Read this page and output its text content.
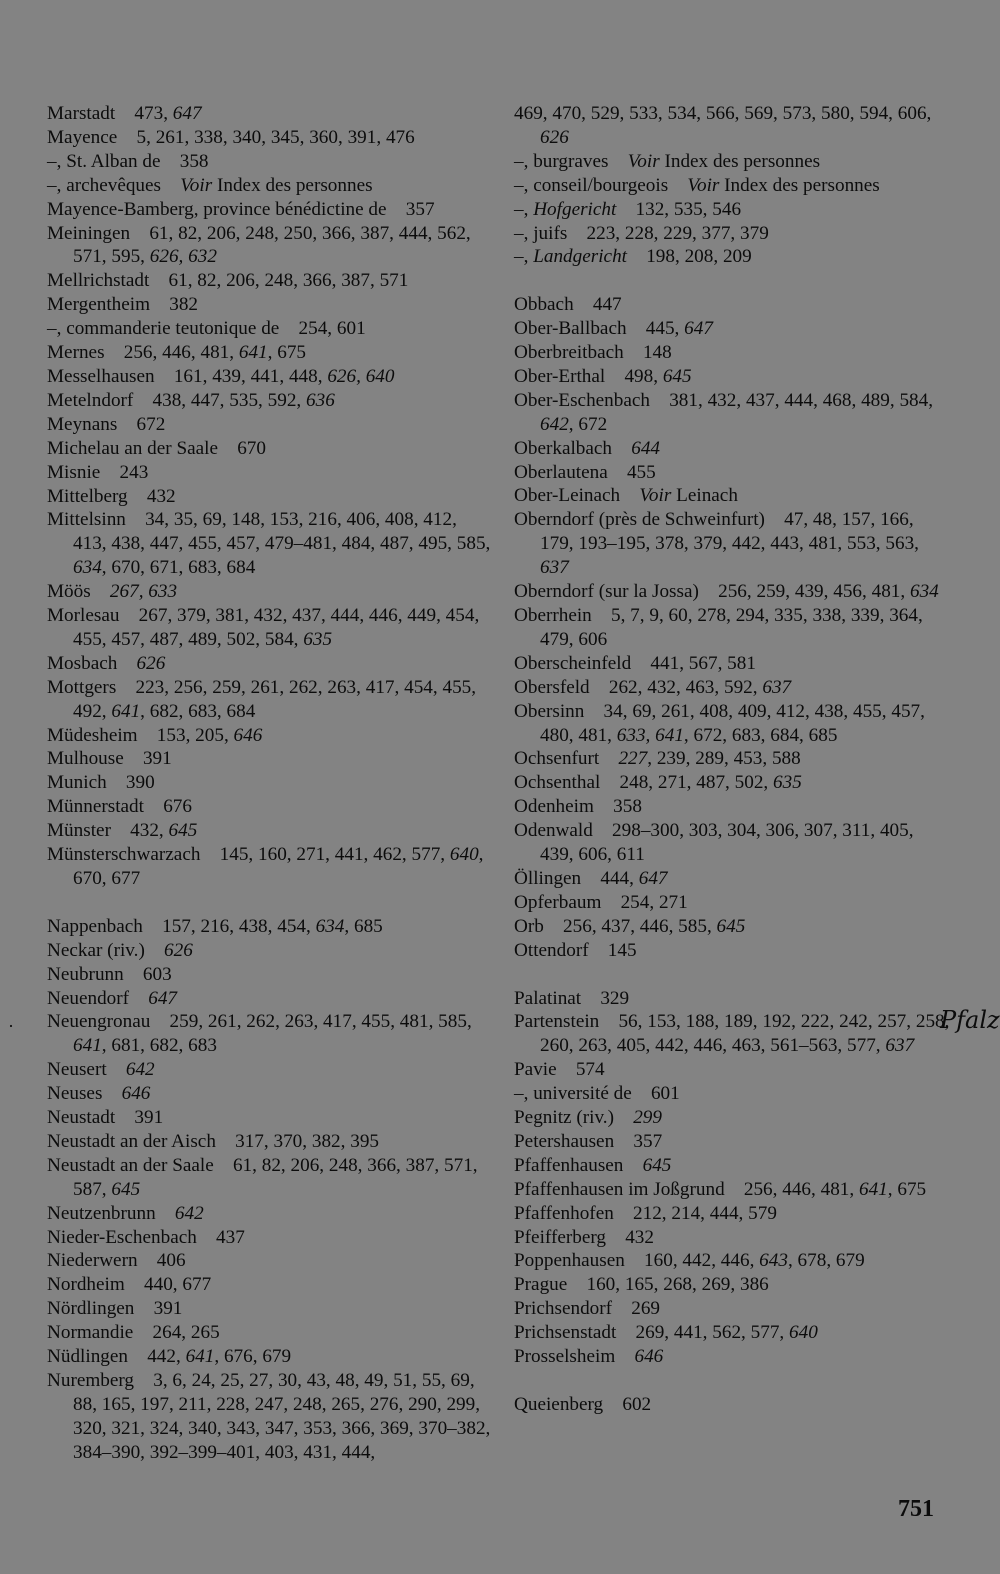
Marstadt   473, 647
Mayence   5, 261, 338, 340, 345, 360, 391, 476
–, St. Alban de   358
–, archevêques   Voir Index des personnes
Mayence-Bamberg, province bénédictine de   357
Meiningen   61, 82, 206, 248, 250, 366, 387, 444, 562, 571, 595, 626, 632
Mellrichstadt   61, 82, 206, 248, 366, 387, 571
Mergentheim   382
–, commanderie teutonique de   254, 601
Mernes   256, 446, 481, 641, 675
Messelhausen   161, 439, 441, 448, 626, 640
Metelndorf   438, 447, 535, 592, 636
Meynans   672
Michelau an der Saale   670
Misnie   243
Mittelberg   432
Mittelsinn   34, 35, 69, 148, 153, 216, 406, 408, 412, 413, 438, 447, 455, 457, 479–481, 484, 487, 495, 585, 634, 670, 671, 683, 684
Möös   267, 633
Morlesau   267, 379, 381, 432, 437, 444, 446, 449, 454, 455, 457, 487, 489, 502, 584, 635
Mosbach   626
Mottgers   223, 256, 259, 261, 262, 263, 417, 454, 455, 492, 641, 682, 683, 684
Müdesheim   153, 205, 646
Mulhouse   391
Munich   390
Münnerstadt   676
Münster   432, 645
Münsterschwarzach   145, 160, 271, 441, 462, 577, 640, 670, 677
Nappenbach   157, 216, 438, 454, 634, 685
Neckar (riv.)   626
Neubrunn   603
Neuendorf   647
Neuengronau   259, 261, 262, 263, 417, 455, 481, 585, 641, 681, 682, 683
Neusert   642
Neuses   646
Neustadt   391
Neustadt an der Aisch   317, 370, 382, 395
Neustadt an der Saale   61, 82, 206, 248, 366, 387, 571, 587, 645
Neutzenbrunn   642
Nieder-Eschenbach   437
Niederwern   406
Nordheim   440, 677
Nördlingen   391
Normandie   264, 265
Nüdlingen   442, 641, 676, 679
Nuremberg   3, 6, 24, 25, 27, 30, 43, 48, 49, 51, 55, 69, 88, 165, 197, 211, 228, 247, 248, 265, 276, 290, 299, 320, 321, 324, 340, 343, 347, 353, 366, 369, 370–382, 384–390, 392–399–401, 403, 431, 444,
469, 470, 529, 533, 534, 566, 569, 573, 580, 594, 606, 626
–, burgraves   Voir Index des personnes
–, conseil/bourgeois   Voir Index des personnes
–, Hofgericht   132, 535, 546
–, juifs   223, 228, 229, 377, 379
–, Landgericht   198, 208, 209
Obbach   447
Ober-Ballbach   445, 647
Oberbreitbach   148
Ober-Erthal   498, 645
Ober-Eschenbach   381, 432, 437, 444, 468, 489, 584, 642, 672
Oberkalbach   644
Oberlautena   455
Ober-Leinach   Voir Leinach
Oberndorf (près de Schweinfurt)   47, 48, 157, 166, 179, 193–195, 378, 379, 442, 443, 481, 553, 563, 637
Oberndorf (sur la Jossa)   256, 259, 439, 456, 481, 634
Oberrhein   5, 7, 9, 60, 278, 294, 335, 338, 339, 364, 479, 606
Oberscheinfeld   441, 567, 581
Obersfeld   262, 432, 463, 592, 637
Obersinn   34, 69, 261, 408, 409, 412, 438, 455, 457, 480, 481, 633, 641, 672, 683, 684, 685
Ochsenfurt   227, 239, 289, 453, 588
Ochsenthal   248, 271, 487, 502, 635
Odenheim   358
Odenwald   298–300, 303, 304, 306, 307, 311, 405, 439, 606, 611
Öllingen   444, 647
Opferbaum   254, 271
Orb   256, 437, 446, 585, 645
Ottendorf   145
Palatinat   329
Partenstein   56, 153, 188, 189, 192, 222, 242, 257, 258, 260, 263, 405, 442, 446, 463, 561–563, 577, 637
Pavie   574
–, université de   601
Pegnitz (riv.)   299
Petershausen   357
Pfaffenhausen   645
Pfaffenhausen im Joßgrund   256, 446, 481, 641, 675
Pfaffenhofen   212, 214, 444, 579
Pfeifferberg   432
Poppenhausen   160, 442, 446, 643, 678, 679
Prague   160, 165, 268, 269, 386
Prichsendorf   269
Prichsenstadt   269, 441, 562, 577, 640
Prosselsheim   646
Queienberg   602
·	Pfalz
751
